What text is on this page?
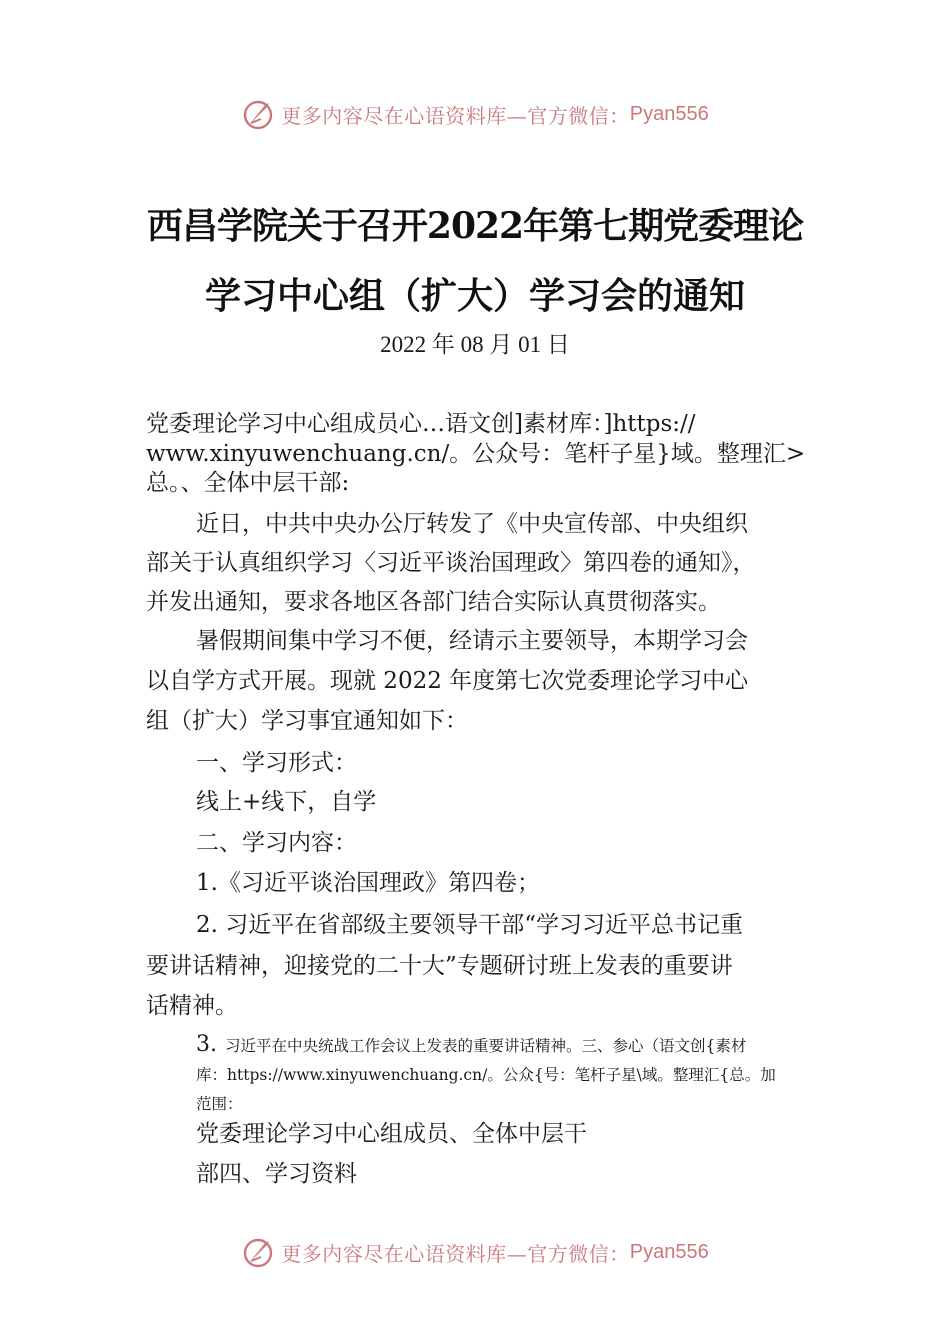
更多内容尽在心语资料库—官方微信： Pyan556
西昌学院关于召开2022年第七期党委理论
学习中心组（扩大）学习会的通知
2022 年 08 月 01 日
党委理论学习中心组成员心…语文创]素材库：]https://
www.xinyuwenchuang.cn/。公众号：笔杆子星}域。整理汇>
总。、全体中层干部:
近日，中共中央办公厅转发了《中央宣传部、中央组织
部关于认真组织学习〈习近平谈治国理政〉第四卷的通知》，
并发出通知，要求各地区各部门结合实际认真贯彻落实。
暑假期间集中学习不便，经请示主要领导，本期学习会
以自学方式开展。现就 2022 年度第七次党委理论学习中心
组（扩大）学习事宜通知如下：
一、学习形式：
线上+线下，自学
二、学习内容：
1.《习近平谈治国理政》第四卷；
2. 习近平在省部级主要领导干部“学习习近平总书记重
要讲话精神，迎接党的二十大”专题研讨班上发表的重要讲
话精神。
3. 习近平在中央统战工作会议上发表的重要讲话精神。三、参心（语文创{素材
库：https://www.xinyuwenchuang.cn/。公众{号：笔杆子星\域。整理汇{总。加
范围：
党委理论学习中心组成员、全体中层干
部四、学习资料
更多内容尽在心语资料库—官方微信： Pyan556
